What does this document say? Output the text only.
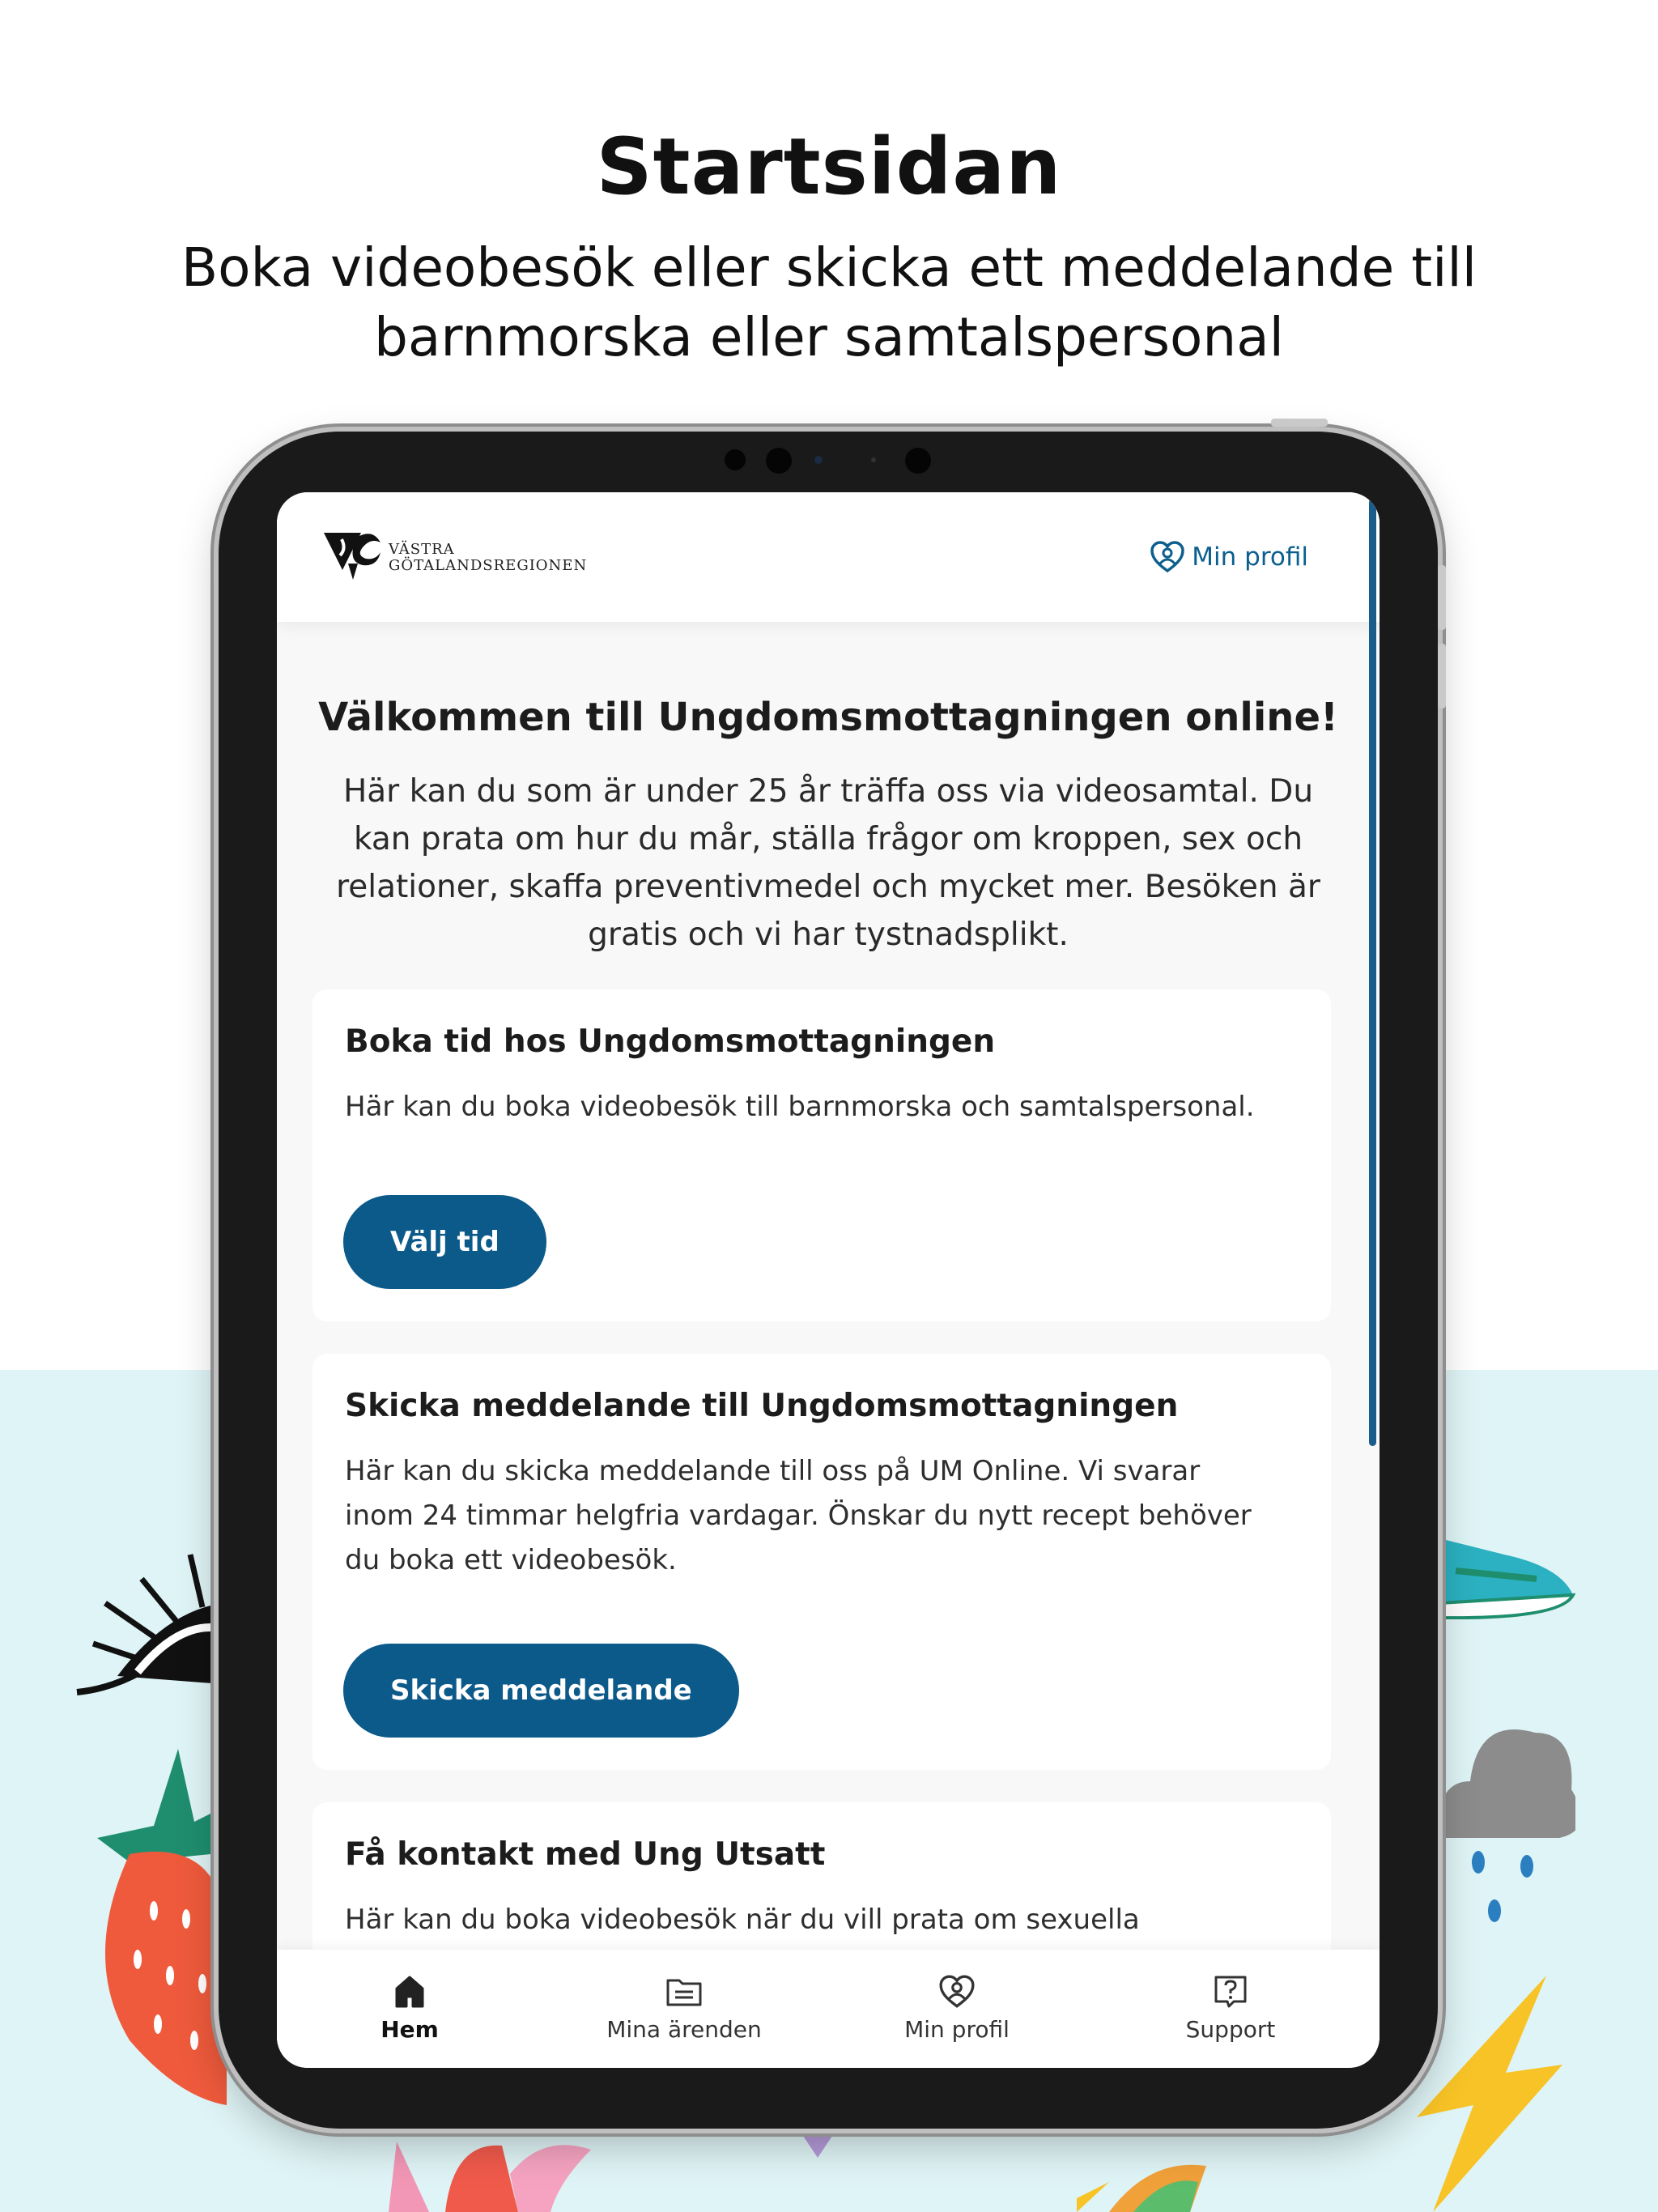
Startsidan
Boka videobesök eller skicka ett meddelande till
barnmorska eller samtalspersonal
VÄSTRA
GÖTALANDSREGIONEN	Min profil
Välkommen till Ungdomsmottagningen online!
Här kan du som är under 25 år träffa oss via videosamtal. Du kan prata om hur du mår, ställa frågor om kroppen, sex och relationer, skaffa preventivmedel och mycket mer. Besöken är gratis och vi har tystnadsplikt.
Boka tid hos Ungdomsmottagningen
Här kan du boka videobesök till barnmorska och samtalspersonal.
Välj tid
Skicka meddelande till Ungdomsmottagningen
Här kan du skicka meddelande till oss på UM Online. Vi svarar inom 24 timmar helgfria vardagar. Önskar du nytt recept behöver du boka ett videobesök.
Skicka meddelande
Få kontakt med Ung Utsatt
Här kan du boka videobesök när du vill prata om sexuella
Hem	Mina ärenden	Min profil	Support
